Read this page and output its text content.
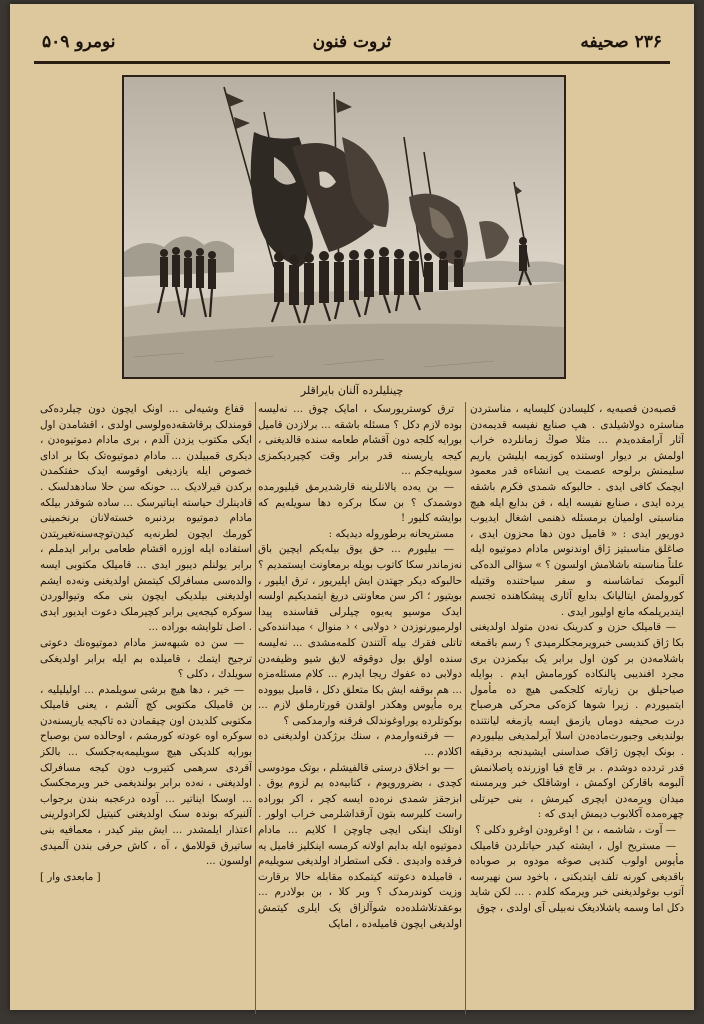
۲۳۶ صحیفه
ثروت فنون
نومرو ۵۰۹
چینلیلرده آلنان بایراقلر

قصبه‌دن قصبه‌یه ، کلیسادن کلیسایه ، مناستردن مناستره دولاشیلدی . هپ صنایع نفیسه قدیمه‌دن آثار آرامقده‌یدم ... مثلا صوڭ زمانلرده خراب اولمش بر دیوار اوستنده کوزیمه ایلیشن یاریم سلیمنش برلوحه عصمت یی انشاءه قدر معمود ایچمک کافی ایدی . حالبوکه شمدی فکرم باشقه یرده ایدی ، صنایع نفیسه ایله ، فن بدایع ایله هیچ مناسبتی اولمیان برمسئله ذهنمی اشغال ایدیوب دوریور ایدی : « قامیل دون دها محزون ایدی ، صاغلق مناسبتیز ژاق اوندنوس مادام دموتیوه ایله علناً مناسبته باشلامش اولسون ؟ » سؤالی الده‌کی آلبومک تماشاسنه و سفر سیاحتنده وقتیله کورولمش ایتالیانک بدایع آثاری پیشکاهنده تجسم ایتدیریلمکه مانع اولیور ایدی .

— قامیلک حزن و کدرینک نه‌دن متولد اولدیغنی بکا ژاق کندیسی خبرویرمجکلرمیدی ؟ رسم باقمغه باشلامه‌دن بر کون اول برابر یک بیکمزدن بری مجرد افندیبی پالنکاده کورمامش ایدم . بوایله صیاحیلق بن زیارته کلجکمی هیچ ده مأمول ایتمیوردم . زیرا شوها کزه‌کی محرکی هرصباح درت صحیفه دوماں یازمق ایسه یازمغه لیانتنده بولندیغی وجبورت‌ماده‌دن اسلا آیرلمدیغی بیلیوردم . بونک ایچون ژاقک صداسنی ایشیدنجه بردقیقه قدر تردده دوشدم . بر قاچ قیا اوزرنده پاصلانمش آلبومه باقارکن اوکمش ، اوشاقلک خبر ویرمسنه میدان ویرمه‌دن ایچری کیرمش ، بنی حیرتلی چهره‌مده آکلابوب دیمش ایدی که :

— آوت ، شاشمه ، بن ! اوغرودن اوغرو دکلی ؟

— مستریح اول ، ایشته کیدر حیاتلردن قامیلک مأیوس اولوب کندیی صوغه مودوه بر صوباده باقدیغی کورنه تلف ایتدیکنی ، باخود سن نهیرسه آتوب بوغولدیغنی خبر ویرمکه کلدم . ... لکن شاید دکل اما وسمه یاشلادیغک نه‌بیلی آی اولدی ، چوق

ترق کوستریورسک ، امایک چوق ... نه‌لیسه بوده لازم دکل ؟ مسئله باشقه ... برلازدن قامیل بورایه کلجه دون آقشام طعامه سنده قالدیغنی ، کیجه یاریسنه قدر برابر وقت کچیردیکمزی سویلیه‌جکم ...

— بن یه‌ده یالانلرینه قارشدیرمق قیلیورمده دوشمدک ؟ بن سکا برکره دها سویله‌یم که بوایشه کلیور !

مستریحانه برطوروله دیدیکه :

— بیلیورم ... حق یوق بیله‌یکم ایچین باق نه‌زماندر سکا کاتوب بویله برمعاونت ایستمدیم ؟ حالبوکه دیکر جهتدن ایش اپلیریور ، ترق ایلیور ، بویتیور ؛ اکر سن معاونتی دریغ ایتمدیکیم اولسه ایدک موسیو یه‌یوه چیلرلی قفاسنده پیدا اولرمیورنوزدن ‹ دولابی › ‹ منوال › میداننده‌کی تاتلی فقرك بیله آلتندن کلمه‌مشدی ... نه‌لیسه سنده اولق بول دوقوقه لایق شیو وظیفه‌دن دولابی ده عفوك ریجا ایدرم ... کلام مسئله‌مزه ... هم بوقفه ایش بکا متعلق دکل ، قامیل بیووده یره مأیوس وهکدر اولقدن قورتارملق لازم ... بوکوتلرده یوراوغوندلک فرقنه وارمدکمی ؟

— فرقنه‌وارمدم ، سنك برژکدن اولدیغنی ده اکلادم ...

— بو اخلاق درستی قالفیشلم ، بوتک مودوسی کچدی ، بضرورویوم ، کتابیه‌ده یم لزوم یوق . ابزجقز شمدی نره‌ده ایسه کچر ، اکر بوراده راست کلیرسه بتون آرقداشلرمی خراب اولور . اوتلک اینکی ایچی چاوچن ا کلایم ... مادام دموتیوه ایله بدایم اولانه کرمسه اینکلیز قامیل یه فرقده وادیدی . فکی استطراد اولدیغی سویلیه‌م ، قامیلدہ دعوتنه کیتمکده مقابله حالا برقارت وزیت کوندرمدک ؟ وبر کلا ، بن بولادرم ... بوعقدتلاشلده‌ده شوآلزاق یک ایلری کیتمش اولدیغی ایچون قامیله‌ده ، امایک

قفاع وشیه‌لی ... اونک ایچون دون چیلرده‌کی قومندلک برقاشقه‌ده‌ولوسی اولدی ، اقشامدن اول ایکی مکتوب یزدن آلدم ، بری مادام دموتیوه‌دن ، دیکری قمبیلدن ... مادام دموتیوه‌تک بکا بر ادای خصوص ایله یازدیغی اوقوسه ایدک حفتکمدن برکدن قیرلادیک ... حونکه سن حلا سادهدلسک . قادینلرك حیاسته ایناتیرسک ... ساده شوقدر بیلکه مادام دموتیوه بردنبره خسته‌لانان برنخمینی کورمك ایچون لطرنه‌یه کیدن‌توچه‌سنه‌تغیرپتدن استفاده ایله اوزره اقشام طعامی برابر ایدملم ، برابر یولنلم دیبور ایدی ... قامیلک مکتوبی ایسه والده‌سی مسافرلک کیتمش اولدیغنی ونه‌ده ایشم اولدیغنی بیلدیکی ایچون بنی مکه وتیوالوردن سوکره کیجه‌یی برابر کچیرملک دعوت ایدیور ایدی . اصل تلوایشه بوراده ...

— سن ده شبهه‌سز مادام دموتیوه‌نك دعوتی ترجیح ایتمك ، قامیلده بم ایله برابر اولدیغکی سویلدك ، دکلی ؟

— خیر ، دها هیچ برشی سویلمدم ... اولیلیلیه ، بن قامیلک مکتوبی کچ آلشم ، یعنی قامیلک مکتوبی کلدیدن اون چیقمادن ده تاکیجه یاریسنه‌دن سوکره اوه عودته کورمشم ، اوحالده سن بوصباح بورایه کلدیکی هیچ سویلیمه‌یه‌جکسک ... بالکز آقردی سرهمی کتیروب دون کیجه مسافرلک اولدیغنی ، نه‌ده برابر بولندیغمی خبر ویرمجکسک ... اوسکا ایناتیر ... آوده درعجبه بندن برجواب آلنیرکه بوندہ سنک اولدیغنی کنیتیل لکرادولرینی اعتذار ایلمشدر ... ایش بیتر کیدر ، معمافیه بنی ساتیرق قوللامق ، آه ، کاش حرفی بندن آلمیدی اولسون ...

[ مابعدی وار ]
